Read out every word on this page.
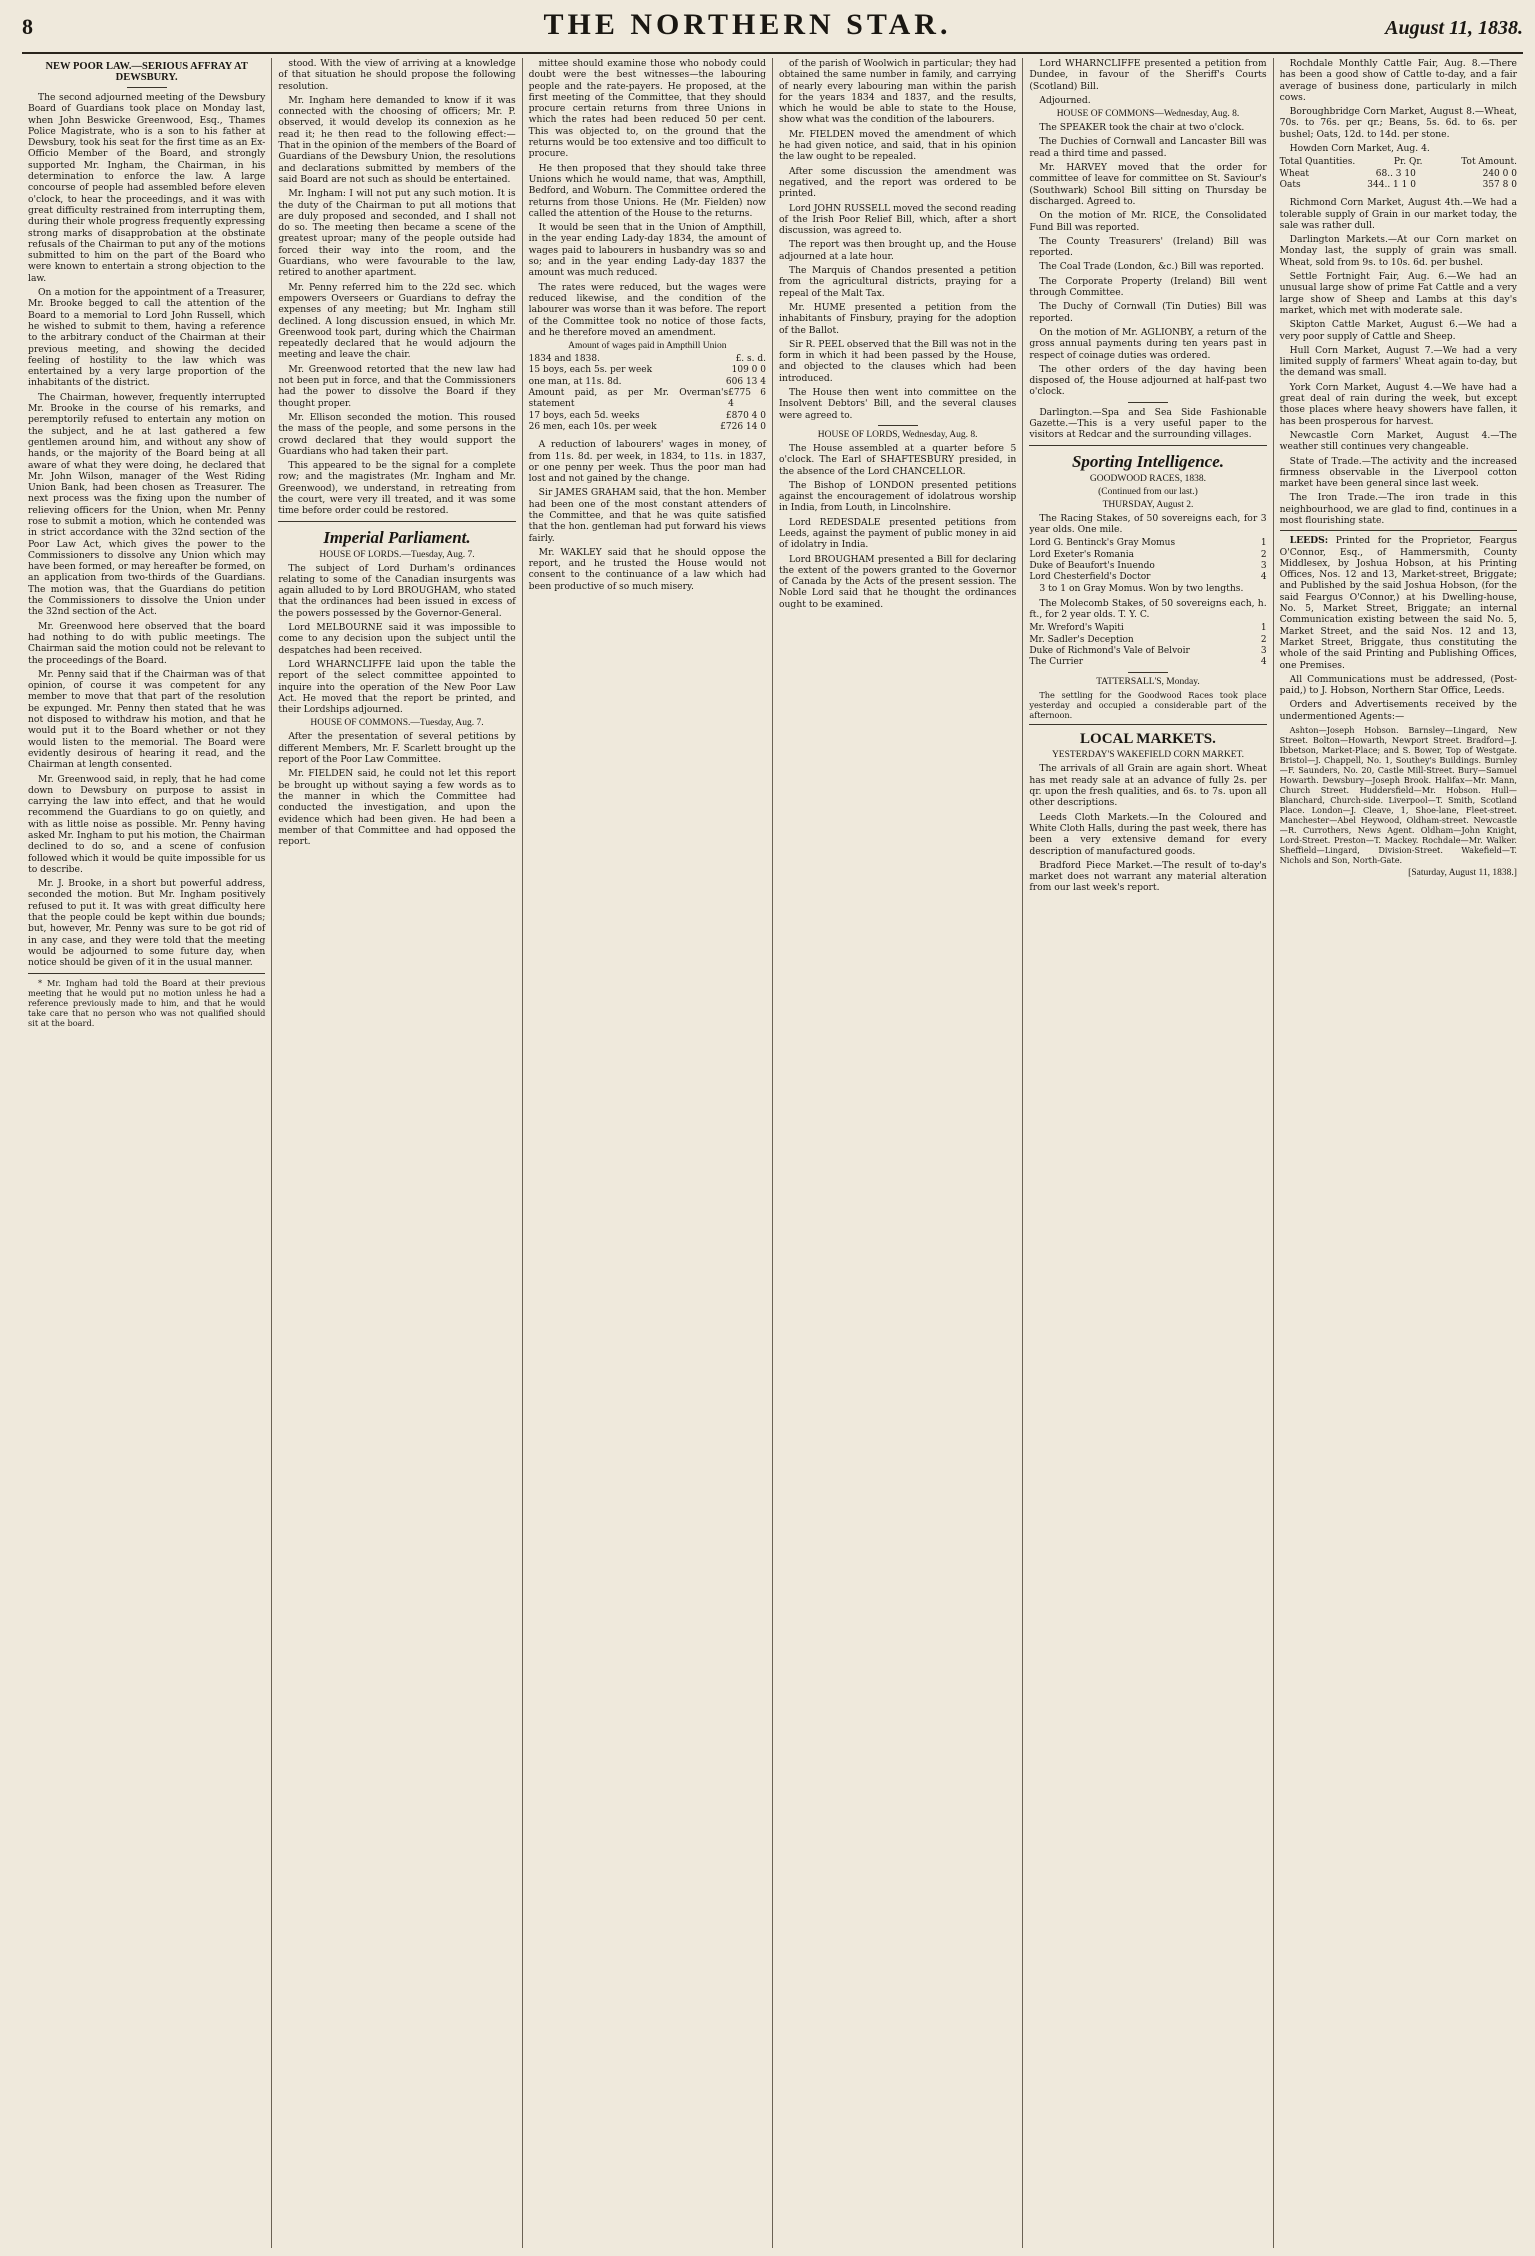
8	THE NORTHERN STAR.	August 11, 1838.
NEW POOR LAW.—SERIOUS AFFRAY AT DEWSBURY.

The second adjourned meeting of the Dewsbury Board of Guardians took place on Monday last, when John Beswicke Greenwood, Esq., Thames Police Magistrate, who is a son to his father at Dewsbury, took his seat for the first time as an Ex-Officio Member of the Board, and strongly supported Mr. Ingham, the Chairman, in his determination to enforce the law. A large concourse of people had assembled before eleven o'clock, to hear the proceedings, and it was with great difficulty restrained from interrupting them, during their whole progress frequently expressing strong marks of disapprobation at the obstinate refusals of the Chairman to put any of the motions submitted to him on the part of the Board who were known to entertain a strong objection to the law.

On a motion for the appointment of a Treasurer, Mr. Brooke begged to call the attention of the Board to a memorial to Lord John Russell, which he wished to submit to them, having a reference to the arbitrary conduct of the Chairman at their previous meeting, and showing the decided feeling of hostility to the law which was entertained by a very large proportion of the inhabitants of the district.

The Chairman, however, frequently interrupted Mr. Brooke in the course of his remarks, and peremptorily refused to entertain any motion on the subject, and he at last gathered a few gentlemen around him, and without any show of hands, or the majority of the Board being at all aware of what they were doing, he declared that Mr. John Wilson, manager of the West Riding Union Bank, had been chosen as Treasurer. The next process was the fixing upon the number of relieving officers for the Union, when Mr. Penny rose to submit a motion, which he contended was in strict accordance with the 32nd section of the Poor Law Act, which gives the power to the Commissioners to dissolve any Union which may have been formed, or may hereafter be formed, on an application from two-thirds of the Guardians. The motion was, that the Guardians do petition the Commissioners to dissolve the Union under the 32nd section of the Act.

Mr. Greenwood here observed that the board had nothing to do with public meetings. The Chairman said the motion could not be relevant to the proceedings of the Board.

Mr. Penny said that if the Chairman was of that opinion, of course it was competent for any member to move that that part of the resolution be expunged. Mr. Penny then stated that he was not disposed to withdraw his motion, and that he would put it to the Board whether or not they would listen to the memorial. The Board were evidently desirous of hearing it read, and the Chairman at length consented.

Mr. Greenwood said, in reply, that he had come down to Dewsbury on purpose to assist in carrying the law into effect, and that he would recommend the Guardians to go on quietly, and with as little noise as possible. Mr. Penny having asked Mr. Ingham to put his motion, the Chairman declined to do so, and a scene of confusion followed which it would be quite impossible for us to describe.

Mr. J. Brooke, in a short but powerful address, seconded the motion. But Mr. Ingham positively refused to put it. It was with great difficulty here that the people could be kept within due bounds; but, however, Mr. Penny was sure to be got rid of in any case, and they were told that the meeting would be adjourned to some future day, when notice should be given of it in the usual manner.

* Mr. Ingham had told the Board at their previous meeting that he would put no motion unless he had a reference previously made to him, and that he would take care that no person who was not qualified should sit at the board.

stood. With the view of arriving at a knowledge of that situation he should propose the following resolution.

Mr. Ingham here demanded to know if it was connected with the choosing of officers; Mr. P. observed, it would develop its connexion as he read it; he then read to the following effect:— That in the opinion of the members of the Board of Guardians of the Dewsbury Union, the resolutions and declarations submitted by members of the said Board are not such as should be entertained.

Mr. Ingham: I will not put any such motion. It is the duty of the Chairman to put all motions that are duly proposed and seconded, and I shall not do so. The meeting then became a scene of the greatest uproar; many of the people outside had forced their way into the room, and the Guardians, who were favourable to the law, retired to another apartment.

Mr. Penny referred him to the 22d sec. which empowers Overseers or Guardians to defray the expenses of any meeting; but Mr. Ingham still declined. A long discussion ensued, in which Mr. Greenwood took part, during which the Chairman repeatedly declared that he would adjourn the meeting and leave the chair.

Mr. Greenwood retorted that the new law had not been put in force, and that the Commissioners had the power to dissolve the Board if they thought proper.

Mr. Ellison seconded the motion. This roused the mass of the people, and some persons in the crowd declared that they would support the Guardians who had taken their part.

This appeared to be the signal for a complete row; and the magistrates (Mr. Ingham and Mr. Greenwood), we understand, in retreating from the court, were very ill treated, and it was some time before order could be restored.

Imperial Parliament.
HOUSE OF LORDS.—Tuesday, Aug. 7.

The subject of Lord Durham's ordinances relating to some of the Canadian insurgents was again alluded to by Lord BROUGHAM, who stated that the ordinances had been issued in excess of the powers possessed by the Governor-General.

Lord MELBOURNE said it was impossible to come to any decision upon the subject until the despatches had been received.

Lord WHARNCLIFFE laid upon the table the report of the select committee appointed to inquire into the operation of the New Poor Law Act. He moved that the report be printed, and their Lordships adjourned.

HOUSE OF COMMONS.—Tuesday, Aug. 7.

After the presentation of several petitions by different Members, Mr. F. Scarlett brought up the report of the Poor Law Committee.

Mr. FIELDEN said, he could not let this report be brought up without saying a few words as to the manner in which the Committee had conducted the investigation, and upon the evidence which had been given. He had been a member of that Committee and had opposed the report.

mittee should examine those who nobody could doubt were the best witnesses—the labouring people and the rate-payers. He proposed, at the first meeting of the Committee, that they should procure certain returns from three Unions in which the rates had been reduced 50 per cent. This was objected to, on the ground that the returns would be too extensive and too difficult to procure.

He then proposed that they should take three Unions which he would name, that was, Ampthill, Bedford, and Woburn. The Committee ordered the returns from those Unions. He (Mr. Fielden) now called the attention of the House to the returns.

It would be seen that in the Union of Ampthill, in the year ending Lady-day 1834, the amount of wages paid to labourers in husbandry was so and so; and in the year ending Lady-day 1837 the amount was much reduced.

The rates were reduced, but the wages were reduced likewise, and the condition of the labourer was worse than it was before. The report of the Committee took no notice of those facts, and he therefore moved an amendment.

Amount of wages paid in Ampthill Union
1834 and 1838.	£. s. d.
15 boys, each 5s. per week	109 0 0
one man, at 11s. 8d.	606 13 4
Amount paid, as per Mr. Overman's statement
£775 6 4
17 boys, each 5d. weeks	£870 4 0
26 men, each 10s. per week	£726 14 0

A reduction of labourers' wages in money, of from 11s. 8d. per week, in 1834, to 11s. in 1837, or one penny per week. Thus the poor man had lost and not gained by the change.

Sir JAMES GRAHAM said, that the hon. Member had been one of the most constant attenders of the Committee, and that he was quite satisfied that the hon. gentleman had put forward his views fairly.

Mr. WAKLEY said that he should oppose the report, and he trusted the House would not consent to the continuance of a law which had been productive of so much misery.

of the parish of Woolwich in particular; they had obtained the same number in family, and carrying of nearly every labouring man within the parish for the years 1834 and 1837, and the results, which he would be able to state to the House, show what was the condition of the labourers.

Mr. FIELDEN moved the amendment of which he had given notice, and said, that in his opinion the law ought to be repealed.

After some discussion the amendment was negatived, and the report was ordered to be printed.

Lord JOHN RUSSELL moved the second reading of the Irish Poor Relief Bill, which, after a short discussion, was agreed to.

The report was then brought up, and the House adjourned at a late hour.

The Marquis of Chandos presented a petition from the agricultural districts, praying for a repeal of the Malt Tax.

Mr. HUME presented a petition from the inhabitants of Finsbury, praying for the adoption of the Ballot.

Sir R. PEEL observed that the Bill was not in the form in which it had been passed by the House, and objected to the clauses which had been introduced.

The House then went into committee on the Insolvent Debtors' Bill, and the several clauses were agreed to.

HOUSE OF LORDS, Wednesday, Aug. 8.

The House assembled at a quarter before 5 o'clock. The Earl of SHAFTESBURY presided, in the absence of the Lord CHANCELLOR.

The Bishop of LONDON presented petitions against the encouragement of idolatrous worship in India, from Louth, in Lincolnshire.

Lord REDESDALE presented petitions from Leeds, against the payment of public money in aid of idolatry in India.

Lord BROUGHAM presented a Bill for declaring the extent of the powers granted to the Governor of Canada by the Acts of the present session. The Noble Lord said that he thought the ordinances ought to be examined.

Lord WHARNCLIFFE presented a petition from Dundee, in favour of the Sheriff's Courts (Scotland) Bill.

Adjourned.

HOUSE OF COMMONS—Wednesday, Aug. 8.

The SPEAKER took the chair at two o'clock.

The Duchies of Cornwall and Lancaster Bill was read a third time and passed.

Mr. HARVEY moved that the order for committee of leave for committee on St. Saviour's (Southwark) School Bill sitting on Thursday be discharged. Agreed to.

On the motion of Mr. RICE, the Consolidated Fund Bill was reported.

The County Treasurers' (Ireland) Bill was reported.

The Coal Trade (London, &c.) Bill was reported.

The Corporate Property (Ireland) Bill went through Committee.

The Duchy of Cornwall (Tin Duties) Bill was reported.

On the motion of Mr. AGLIONBY, a return of the gross annual payments during ten years past in respect of coinage duties was ordered.

The other orders of the day having been disposed of, the House adjourned at half-past two o'clock.

Darlington.—Spa and Sea Side Fashionable Gazette.—This is a very useful paper to the visitors at Redcar and the surrounding villages.

Sporting Intelligence.
GOODWOOD RACES, 1838.
(Continued from our last.)
THURSDAY, August 2.

The Racing Stakes, of 50 sovereigns each, for 3 year olds. One mile.

Lord G. Bentinck's Gray Momus	1
Lord Exeter's Romania	2
Duke of Beaufort's Inuendo	3
Lord Chesterfield's Doctor	4

3 to 1 on Gray Momus. Won by two lengths.

The Molecomb Stakes, of 50 sovereigns each, h. ft., for 2 year olds. T. Y. C.

Mr. Wreford's Wapiti	1
Mr. Sadler's Deception	2
Duke of Richmond's Vale of Belvoir	3
The Currier	4
TATTERSALL'S, Monday.

The settling for the Goodwood Races took place yesterday and occupied a considerable part of the afternoon.

LOCAL MARKETS.
YESTERDAY'S WAKEFIELD CORN MARKET.

The arrivals of all Grain are again short. Wheat has met ready sale at an advance of fully 2s. per qr. upon the fresh qualities, and 6s. to 7s. upon all other descriptions.

Leeds Cloth Markets.—In the Coloured and White Cloth Halls, during the past week, there has been a very extensive demand for every description of manufactured goods.

Bradford Piece Market.—The result of to-day's market does not warrant any material alteration from our last week's report.

Rochdale Monthly Cattle Fair, Aug. 8.—There has been a good show of Cattle to-day, and a fair average of business done, particularly in milch cows.

Boroughbridge Corn Market, August 8.—Wheat, 70s. to 76s. per qr.; Beans, 5s. 6d. to 6s. per bushel; Oats, 12d. to 14d. per stone.

Howden Corn Market, Aug. 4.

Total Quantities.	Pr. Qr.	Tot Amount.
Wheat	68.. 3 10	240 0 0
Oats	344.. 1 1 0	357 8 0

Richmond Corn Market, August 4th.—We had a tolerable supply of Grain in our market today, the sale was rather dull.

Darlington Markets.—At our Corn market on Monday last, the supply of grain was small. Wheat, sold from 9s. to 10s. 6d. per bushel.

Settle Fortnight Fair, Aug. 6.—We had an unusual large show of prime Fat Cattle and a very large show of Sheep and Lambs at this day's market, which met with moderate sale.

Skipton Cattle Market, August 6.—We had a very poor supply of Cattle and Sheep.

Hull Corn Market, August 7.—We had a very limited supply of farmers' Wheat again to-day, but the demand was small.

York Corn Market, August 4.—We have had a great deal of rain during the week, but except those places where heavy showers have fallen, it has been prosperous for harvest.

Newcastle Corn Market, August 4.—The weather still continues very changeable.

State of Trade.—The activity and the increased firmness observable in the Liverpool cotton market have been general since last week.

The Iron Trade.—The iron trade in this neighbourhood, we are glad to find, continues in a most flourishing state.

LEEDS: Printed for the Proprietor, Feargus O'Connor, Esq., of Hammersmith, County Middlesex, by Joshua Hobson, at his Printing Offices, Nos. 12 and 13, Market-street, Briggate; and Published by the said Joshua Hobson, (for the said Feargus O'Connor,) at his Dwelling-house, No. 5, Market Street, Briggate; an internal Communication existing between the said No. 5, Market Street, and the said Nos. 12 and 13, Market Street, Briggate, thus constituting the whole of the said Printing and Publishing Offices, one Premises.

All Communications must be addressed, (Post-paid,) to J. Hobson, Northern Star Office, Leeds.

Orders and Advertisements received by the undermentioned Agents:—

Ashton—Joseph Hobson. Barnsley—Lingard, New Street. Bolton—Howarth, Newport Street. Bradford—J. Ibbetson, Market-Place; and S. Bower, Top of Westgate. Bristol—J. Chappell, No. 1, Southey's Buildings. Burnley—F. Saunders, No. 20, Castle Mill-Street. Bury—Samuel Howarth. Dewsbury—Joseph Brook. Halifax—Mr. Mann, Church Street. Huddersfield—Mr. Hobson. Hull—Blanchard, Church-side. Liverpool—T. Smith, Scotland Place. London—J. Cleave, 1, Shoe-lane, Fleet-street. Manchester—Abel Heywood, Oldham-street. Newcastle—R. Currothers, News Agent. Oldham—John Knight, Lord-Street. Preston—T. Mackey. Rochdale—Mr. Walker. Sheffield—Lingard, Division-Street. Wakefield—T. Nichols and Son, North-Gate.

[Saturday, August 11, 1838.]
